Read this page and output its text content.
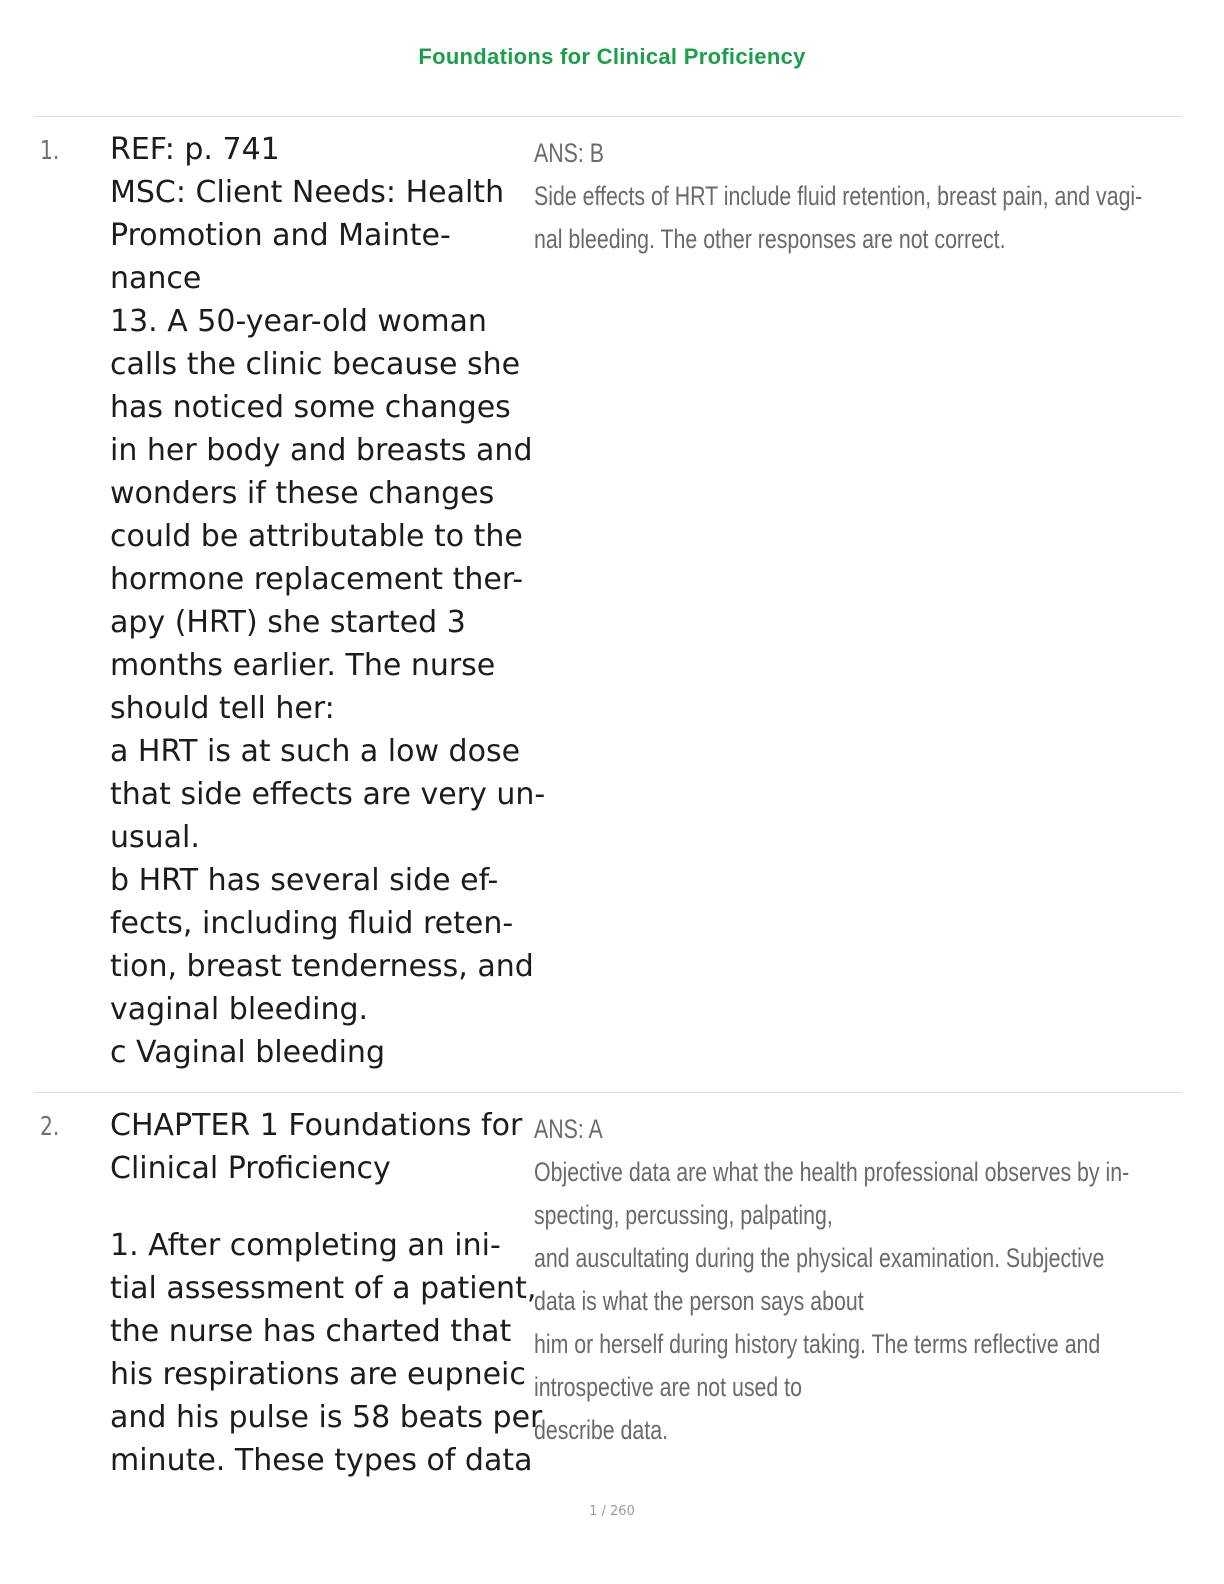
Foundations for Clinical Proficiency
1. REF: p. 741
MSC: Client Needs: Health
Promotion and Mainte-
nance
13. A 50-year-old woman
calls the clinic because she
has noticed some changes
in her body and breasts and
wonders if these changes
could be attributable to the
hormone replacement ther-
apy (HRT) she started 3
months earlier. The nurse
should tell her:
a HRT is at such a low dose
that side effects are very un-
usual.
b HRT has several side ef-
fects, including fluid reten-
tion, breast tenderness, and
vaginal bleeding.
c Vaginal bleeding
ANS: B
Side effects of HRT include fluid retention, breast pain, and vagi-
nal bleeding. The other responses are not correct.
2. CHAPTER 1 Foundations for
Clinical Proficiency
1. After completing an ini-
tial assessment of a patient,
the nurse has charted that
his respirations are eupneic
and his pulse is 58 beats per
minute. These types of data
ANS: A
Objective data are what the health professional observes by in-
specting, percussing, palpating,
and auscultating during the physical examination. Subjective
data is what the person says about
him or herself during history taking. The terms reflective and
introspective are not used to
describe data.
1 / 260
